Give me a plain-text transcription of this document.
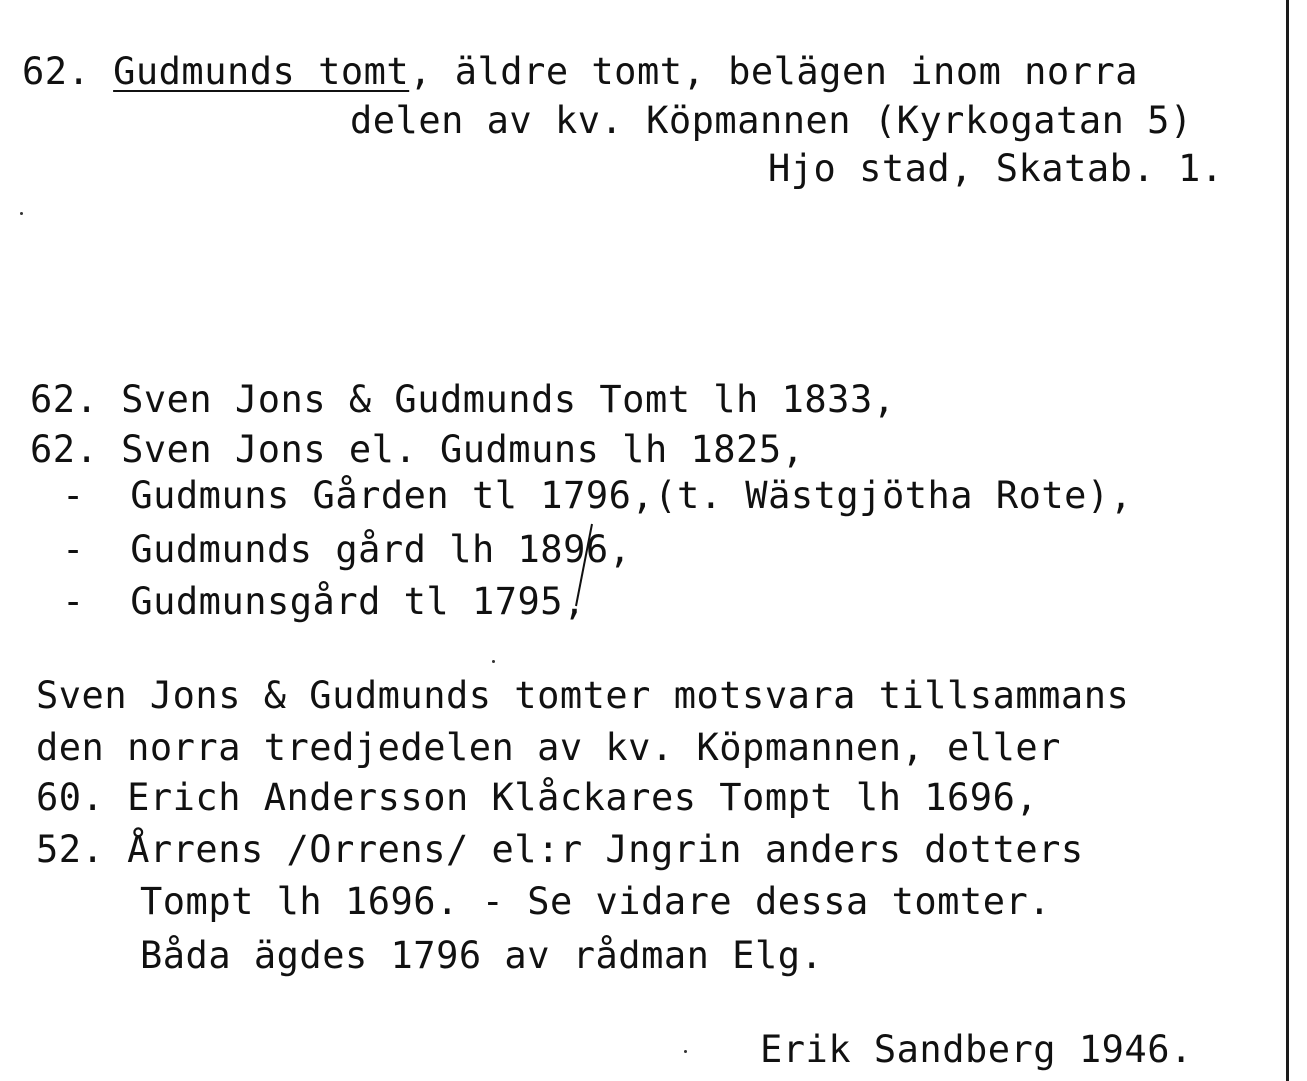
62. Gudmunds tomt, äldre tomt, belägen inom norra
delen av kv. Köpmannen (Kyrkogatan 5)
Hjo stad, Skatab. 1.
62. Sven Jons & Gudmunds Tomt lh 1833,
62. Sven Jons el. Gudmuns lh 1825,
- Gudmuns Gården tl 1796,(t. Wästgjötha Rote),
- Gudmunds gård lh 1896,
- Gudmunsgård tl 1795,
Sven Jons & Gudmunds tomter motsvara tillsammans
den norra tredjedelen av kv. Köpmannen, eller
60. Erich Andersson Klåckares Tompt lh 1696,
52. Årrens /Orrens/ el:r Jngrin anders dotters
Tompt lh 1696. - Se vidare dessa tomter.
Båda ägdes 1796 av rådman Elg.
Erik Sandberg 1946.
